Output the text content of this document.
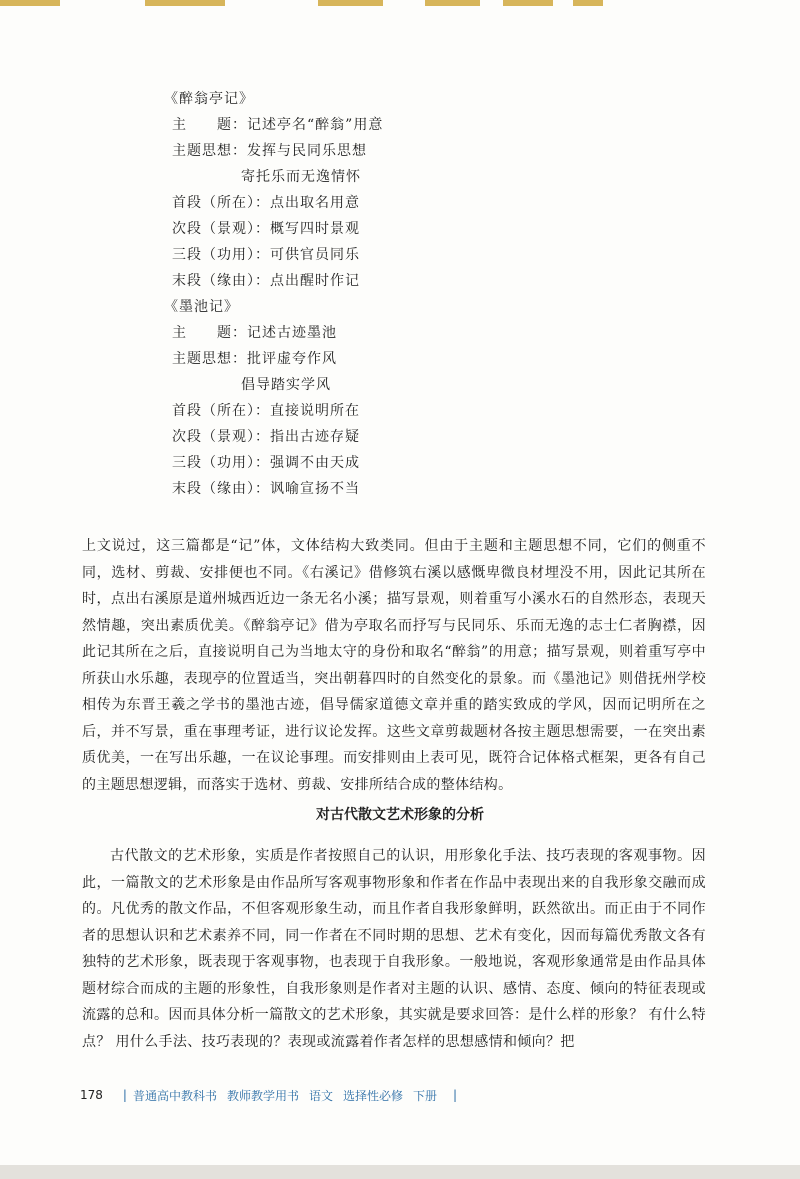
《醉翁亭记》
主　　题：记述亭名“醉翁”用意
主题思想：发挥与民同乐思想
寄托乐而无逸情怀
首段（所在）：点出取名用意
次段（景观）：概写四时景观
三段（功用）：可供官员同乐
末段（缘由）：点出醒时作记
《墨池记》
主　　题：记述古迹墨池
主题思想：批评虚夸作风
倡导踏实学风
首段（所在）：直接说明所在
次段（景观）：指出古迹存疑
三段（功用）：强调不由天成
末段（缘由）：讽喻宣扬不当

上文说过，这三篇都是“记”体，文体结构大致类同。但由于主题和主题思想不同，它们的侧重不同，选材、剪裁、安排便也不同。《右溪记》借修筑右溪以感慨卑微良材埋没不用，因此记其所在时，点出右溪原是道州城西近边一条无名小溪；描写景观，则着重写小溪水石的自然形态，表现天然情趣，突出素质优美。《醉翁亭记》借为亭取名而抒写与民同乐、乐而无逸的志士仁者胸襟，因此记其所在之后，直接说明自己为当地太守的身份和取名“醉翁”的用意；描写景观，则着重写亭中所获山水乐趣，表现亭的位置适当，突出朝暮四时的自然变化的景象。而《墨池记》则借抚州学校相传为东晋王羲之学书的墨池古迹，倡导儒家道德文章并重的踏实致成的学风，因而记明所在之后，并不写景，重在事理考证，进行议论发挥。这些文章剪裁题材各按主题思想需要，一在突出素质优美，一在写出乐趣，一在议论事理。而安排则由上表可见，既符合记体格式框架，更各有自己的主题思想逻辑，而落实于选材、剪裁、安排所结合成的整体结构。

对古代散文艺术形象的分析

古代散文的艺术形象，实质是作者按照自己的认识，用形象化手法、技巧表现的客观事物。因此，一篇散文的艺术形象是由作品所写客观事物形象和作者在作品中表现出来的自我形象交融而成的。凡优秀的散文作品，不但客观形象生动，而且作者自我形象鲜明，跃然欲出。而正由于不同作者的思想认识和艺术素养不同，同一作者在不同时期的思想、艺术有变化，因而每篇优秀散文各有独特的艺术形象，既表现于客观事物，也表现于自我形象。一般地说，客观形象通常是由作品具体题材综合而成的主题的形象性，自我形象则是作者对主题的认识、感情、态度、倾向的特征表现或流露的总和。因而具体分析一篇散文的艺术形象，其实就是要求回答：是什么样的形象？ 有什么特点？ 用什么手法、技巧表现的？表现或流露着作者怎样的思想感情和倾向？把

178 | 普通高中教科书 教师教学用书 语文 选择性必修 下册 |
